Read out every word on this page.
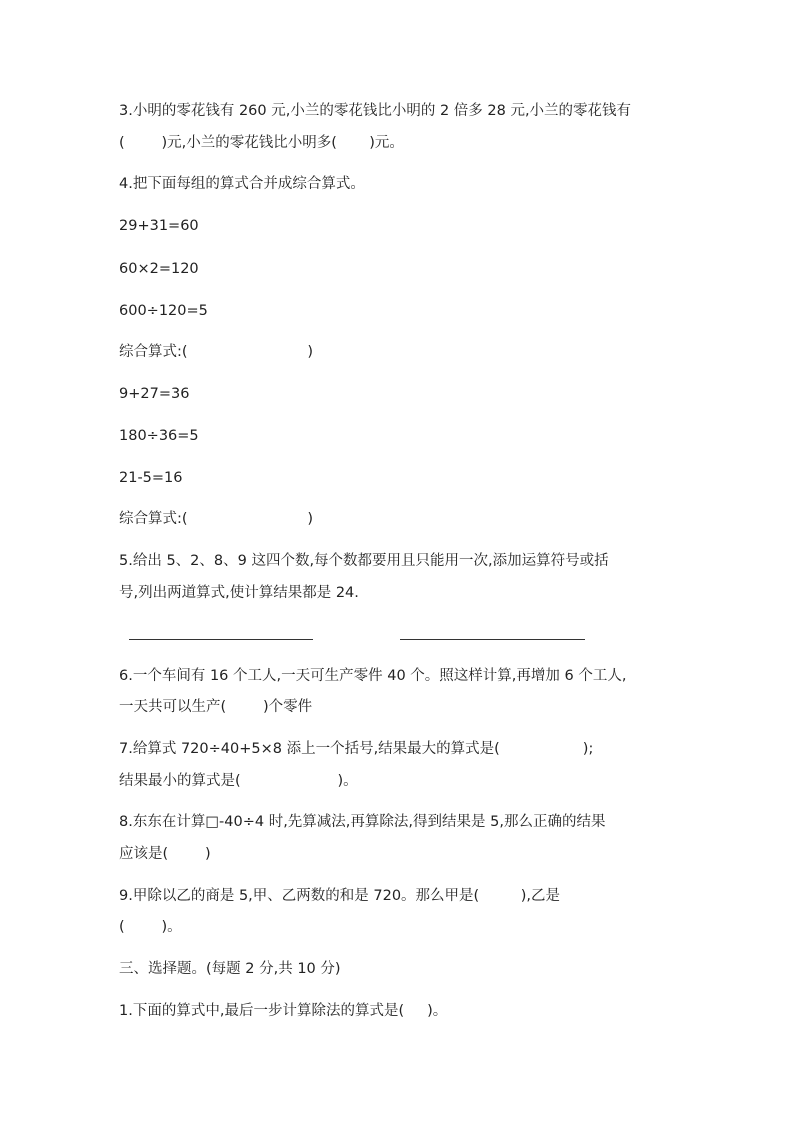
3.小明的零花钱有 260 元,小兰的零花钱比小明的 2 倍多 28 元,小兰的零花钱有
(        )元,小兰的零花钱比小明多(       )元。
4.把下面每组的算式合并成综合算式。
29+31=60
60×2=120
600÷120=5
综合算式:(                          )
9+27=36
180÷36=5
21-5=16
综合算式:(                          )
5.给出 5、2、8、9 这四个数,每个数都要用且只能用一次,添加运算符号或括
号,列出两道算式,使计算结果都是 24.
6.一个车间有 16 个工人,一天可生产零件 40 个。照这样计算,再增加 6 个工人,
一天共可以生产(        )个零件
7.给算式 720÷40+5×8 添上一个括号,结果最大的算式是(                  );
结果最小的算式是(                     )。
8.东东在计算□-40÷4 时,先算减法,再算除法,得到结果是 5,那么正确的结果
应该是(        )
9.甲除以乙的商是 5,甲、乙两数的和是 720。那么甲是(         ),乙是
(        )。
三、选择题。(每题 2 分,共 10 分)
1.下面的算式中,最后一步计算除法的算式是(     )。
